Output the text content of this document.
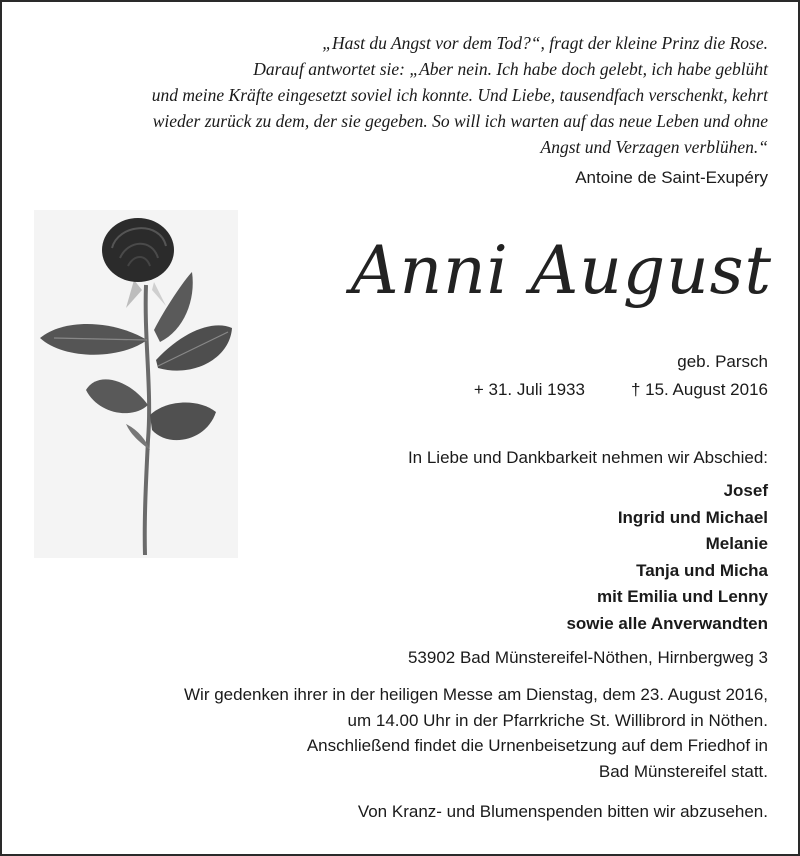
„Hast du Angst vor dem Tod?“, fragt der kleine Prinz die Rose.
Darauf antwortet sie: „Aber nein. Ich habe doch gelebt, ich habe geblüht
und meine Kräfte eingesetzt soviel ich konnte. Und Liebe, tausendfach verschenkt, kehrt
wieder zurück zu dem, der sie gegeben. So will ich warten auf das neue Leben und ohne
Angst und Verzagen verblühen.“
Antoine de Saint-Exupéry
Anni August
geb. Parsch
+ 31. Juli 1933	† 15. August 2016
In Liebe und Dankbarkeit nehmen wir Abschied:
Josef
Ingrid und Michael
Melanie
Tanja und Micha
mit Emilia und Lenny
sowie alle Anverwandten
53902 Bad Münstereifel-Nöthen, Hirnbergweg 3
Wir gedenken ihrer in der heiligen Messe am Dienstag, dem 23. August 2016,
um 14.00 Uhr in der Pfarrkriche St. Willibrord in Nöthen.
Anschließend findet die Urnenbeisetzung auf dem Friedhof in
Bad Münstereifel statt.
Von Kranz- und Blumenspenden bitten wir abzusehen.
